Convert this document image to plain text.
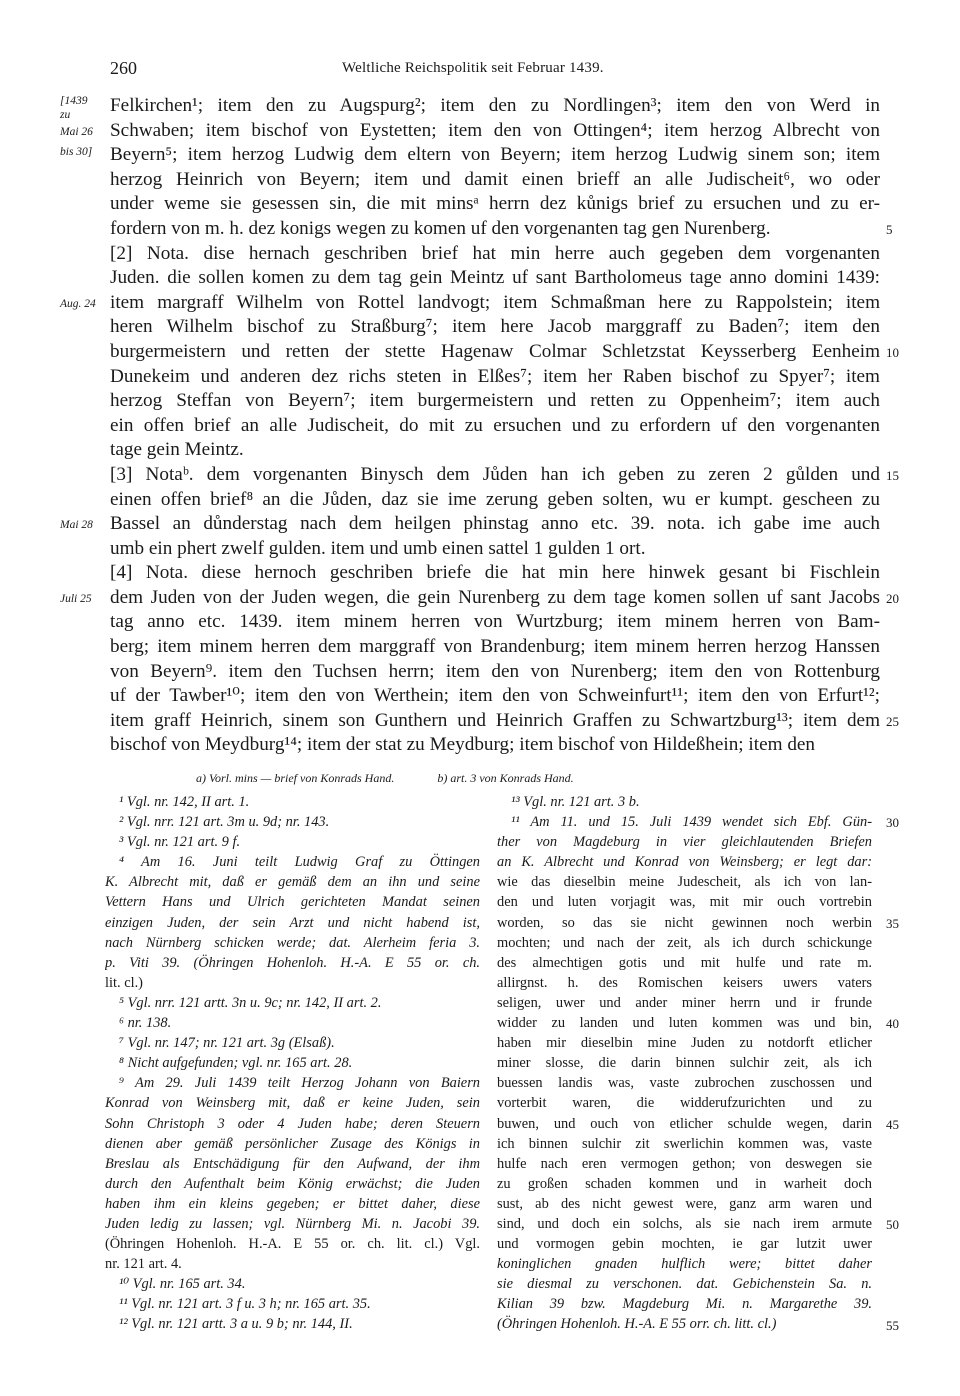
260	Weltliche Reichspolitik seit Februar 1439.
Felkirchen¹; item den zu Augspurg²; item den zu Nordlingen³; item den von Werd in
Schwaben; item bischof von Eystetten; item den von Ottingen⁴; item herzog Albrecht von
Beyern⁵; item herzog Ludwig dem eltern von Beyern; item herzog Ludwig sinem son; item
herzog Heinrich von Beyern; item und damit einen brieff an alle Judischeit⁶, wo oder
under weme sie gesessen sin, die mit minsᵃ herrn dez kůnigs brief zu ersuchen und zu er-
fordern von m. h. dez konigs wegen zu komen uf den vorgenanten tag gen Nurenberg.
[2] Nota. dise hernach geschriben brief hat min herre auch gegeben dem vorgenanten
Juden. die sollen komen zu dem tag gein Meintz uf sant Bartholomeus tage anno domini 1439:
item margraff Wilhelm von Rottel landvogt; item Schmaßman here zu Rappolstein; item
heren Wilhelm bischof zu Straßburg⁷; item here Jacob marggraff zu Baden⁷; item den
burgermeistern und retten der stette Hagenaw Colmar Schletzstat Keysserberg Eenheim
Dunekeim und anderen dez richs steten in Elßes⁷; item her Raben bischof zu Spyer⁷; item
herzog Steffan von Beyern⁷; item burgermeistern und retten zu Oppenheim⁷; item auch
ein offen brief an alle Judischeit, do mit zu ersuchen und zu erfordern uf den vorgenanten
tage gein Meintz.
[3] Notaᵇ. dem vorgenanten Binysch dem Jůden han ich geben zu zeren 2 gůlden und
einen offen brief⁸ an die Jůden, daz sie ime zerung geben solten, wu er kumpt. gescheen zu
Bassel an důnderstag nach dem heilgen phinstag anno etc. 39. nota. ich gabe ime auch
umb ein phert zwelf gulden. item und umb einen sattel 1 gulden 1 ort.
[4] Nota. diese hernoch geschriben briefe die hat min here hinwek gesant bi Fischlein
dem Juden von der Juden wegen, die gein Nurenberg zu dem tage komen sollen uf sant Jacobs
tag anno etc. 1439. item minem herren von Wurtzburg; item minem herren von Bam-
berg; item minem herren dem marggraff von Brandenburg; item minem herren herzog Hanssen
von Beyern⁹. item den Tuchsen herrn; item den von Nurenberg; item den von Rottenburg
uf der Tawber¹⁰; item den von Werthein; item den von Schweinfurt¹¹; item den von Erfurt¹²;
item graff Heinrich, sinem son Gunthern und Heinrich Graffen zu Schwartzburg¹³; item dem
bischof von Meydburg¹⁴; item der stat zu Meydburg; item bischof von Hildeßhein; item den
[1439
zu
Mai 26
bis 30]
Aug. 24
Mai 28
Juli 25
5
10
15
20
25
a) Vorl. mins — brief von Konrads Hand.	b) art. 3 von Konrads Hand.
¹ Vgl. nr. 142, II art. 1.
² Vgl. nrr. 121 art. 3m u. 9d; nr. 143.
³ Vgl. nr. 121 art. 9 f.
⁴ Am 16. Juni teilt Ludwig Graf zu Öttingen
K. Albrecht mit, daß er gemäß dem an ihn und seine
Vettern Hans und Ulrich gerichteten Mandat seinen
einzigen Juden, der sein Arzt und nicht habend ist,
nach Nürnberg schicken werde; dat. Alerheim feria 3.
p. Viti 39. (Öhringen Hohenloh. H.-A. E 55 or. ch.
lit. cl.)
⁵ Vgl. nrr. 121 artt. 3n u. 9c; nr. 142, II art. 2.
⁶ nr. 138.
⁷ Vgl. nr. 147; nr. 121 art. 3g (Elsaß).
⁸ Nicht aufgefunden; vgl. nr. 165 art. 28.
⁹ Am 29. Juli 1439 teilt Herzog Johann von Baiern
Konrad von Weinsberg mit, daß er keine Juden, sein
Sohn Christoph 3 oder 4 Juden habe; deren Steuern
dienen aber gemäß persönlicher Zusage des Königs in
Breslau als Entschädigung für den Aufwand, der ihm
durch den Aufenthalt beim König erwächst; die Juden
haben ihm ein kleins gegeben; er bittet daher, diese
Juden ledig zu lassen; vgl. Nürnberg Mi. n. Jacobi 39.
(Öhringen Hohenloh. H.-A. E 55 or. ch. lit. cl.) Vgl.
nr. 121 art. 4.
¹⁰ Vgl. nr. 165 art. 34.
¹¹ Vgl. nr. 121 art. 3 f u. 3 h; nr. 165 art. 35.
¹² Vgl. nr. 121 artt. 3 a u. 9 b; nr. 144, II.
¹³ Vgl. nr. 121 art. 3 b.
¹¹ Am 11. und 15. Juli 1439 wendet sich Ebf. Gün-
ther von Magdeburg in vier gleichlautenden Briefen
an K. Albrecht und Konrad von Weinsberg; er legt dar:
wie das dieselbin meine Judescheit, als ich von lan-
den und luten vorjagit was, mit mir ouch vortrebin
worden, so das sie nicht gewinnen noch werbin
mochten; und nach der zeit, als ich durch schickunge
des almechtigen gotis und mit hulfe und rate m.
allirgnst. h. des Romischen keisers uwers vaters
seligen, uwer und ander miner herrn und ir frunde
widder zu landen und luten kommen was und bin,
haben mir dieselbin mine Juden zu notdorft etlicher
miner slosse, die darin binnen sulchir zeit, als ich
buessen landis was, vaste zubrochen zuschossen und
vorterbit waren, die widderufzurichten und zu
buwen, und ouch von etlicher schulde wegen, darin
ich binnen sulchir zit swerlichin kommen was, vaste
hulfe nach eren vermogen gethon; von deswegen sie
zu großen schaden kommen und in warheit doch
sust, ab des nicht gewest were, ganz arm waren und
sind, und doch ein solchs, als sie nach irem armute
und vormogen gebin mochten, ie gar lutzit uwer
koninglichen gnaden hulflich were; bittet daher
sie diesmal zu verschonen. dat. Gebichenstein Sa. n.
Kilian 39 bzw. Magdeburg Mi. n. Margarethe 39.
(Öhringen Hohenloh. H.-A. E 55 orr. ch. litt. cl.)
30
35
40
45
50
55
